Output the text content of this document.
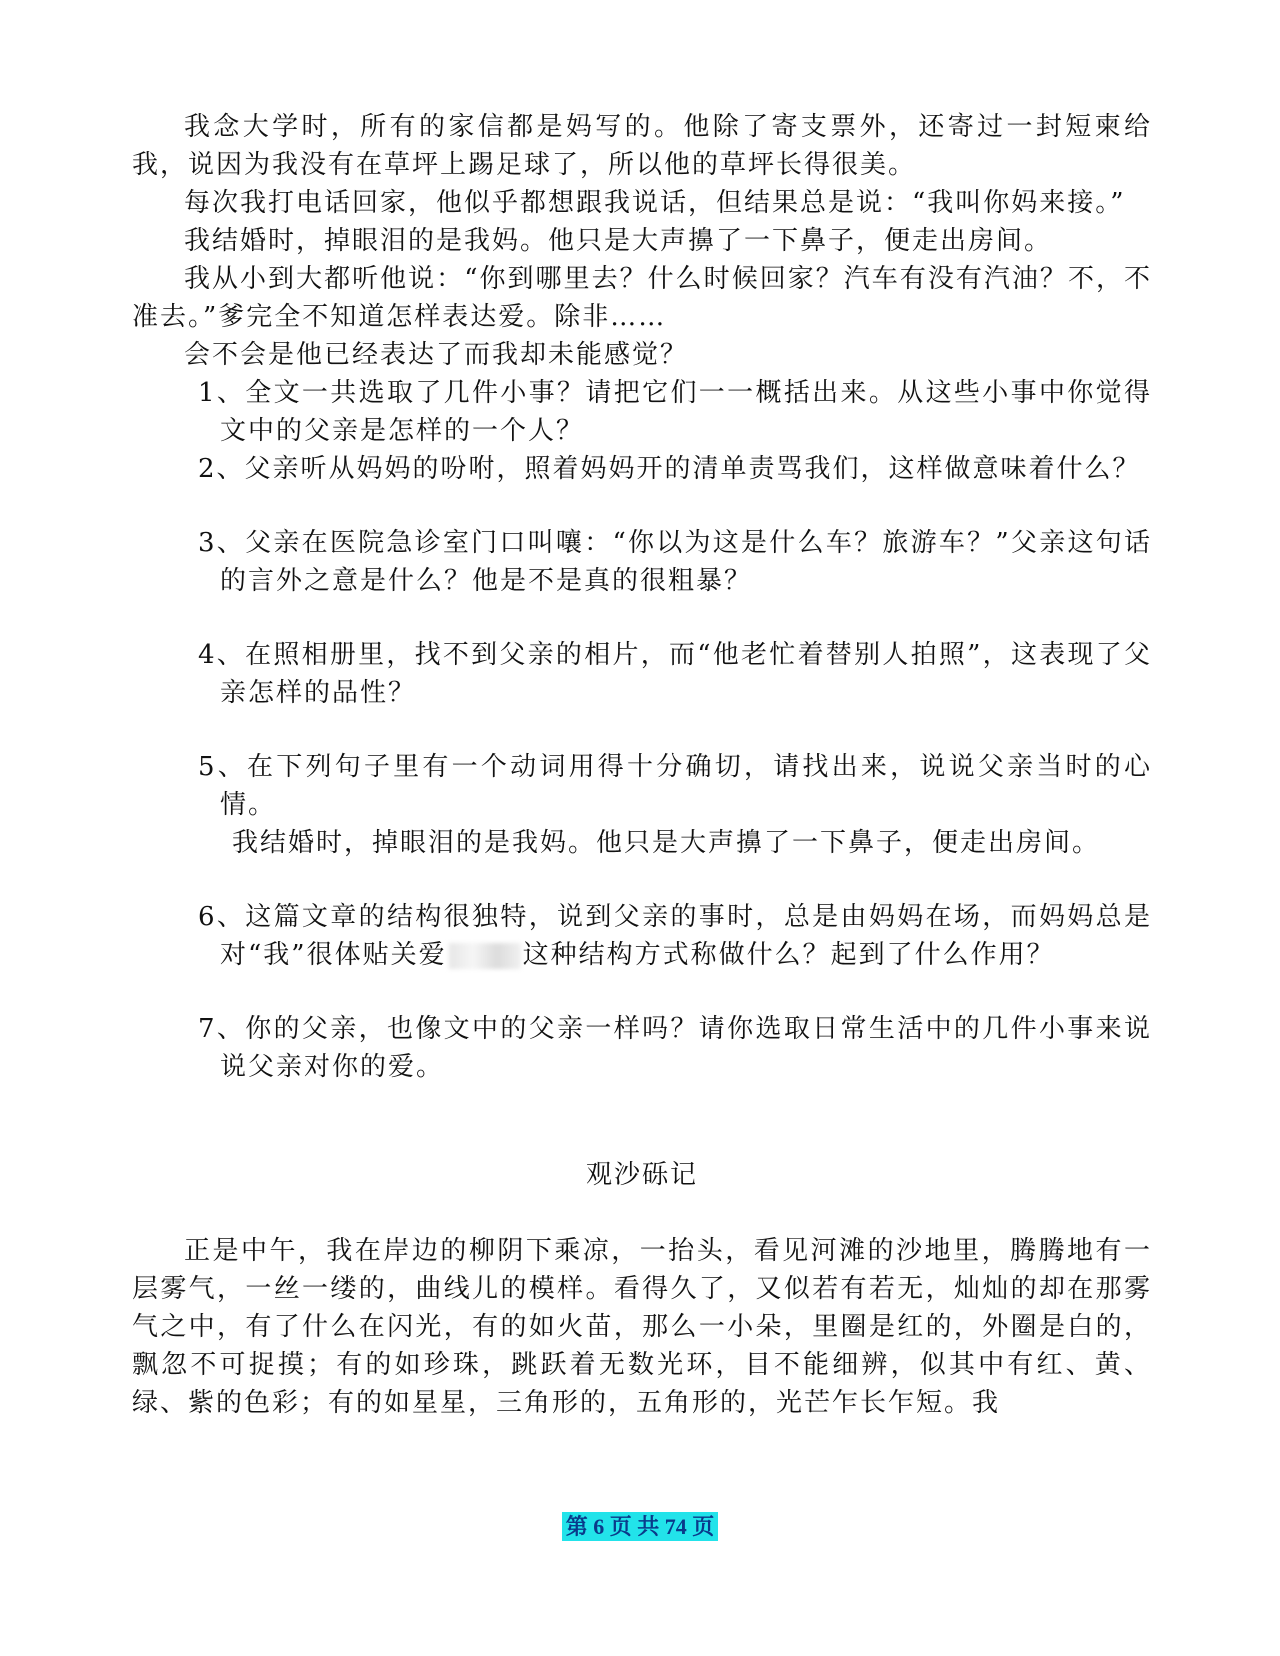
我念大学时，所有的家信都是妈写的。他除了寄支票外，还寄过一封短柬给我，说因为我没有在草坪上踢足球了，所以他的草坪长得很美。

每次我打电话回家，他似乎都想跟我说话，但结果总是说：“我叫你妈来接。”

我结婚时，掉眼泪的是我妈。他只是大声擤了一下鼻子，便走出房间。

我从小到大都听他说：“你到哪里去？什么时候回家？汽车有没有汽油？不，不准去。”爹完全不知道怎样表达爱。除非……

会不会是他已经表达了而我却未能感觉？

1、全文一共选取了几件小事？请把它们一一概括出来。从这些小事中你觉得文中的父亲是怎样的一个人？

2、父亲听从妈妈的吩咐，照着妈妈开的清单责骂我们，这样做意味着什么？

3、父亲在医院急诊室门口叫嚷：“你以为这是什么车？旅游车？”父亲这句话的言外之意是什么？他是不是真的很粗暴？

4、在照相册里，找不到父亲的相片，而“他老忙着替别人拍照”，这表现了父亲怎样的品性？

5、在下列句子里有一个动词用得十分确切，请找出来，说说父亲当时的心情。

我结婚时，掉眼泪的是我妈。他只是大声擤了一下鼻子，便走出房间。

6、这篇文章的结构很独特，说到父亲的事时，总是由妈妈在场，而妈妈总是对“我”很体贴关爱	这种结构方式称做什么？起到了什么作用？

7、你的父亲，也像文中的父亲一样吗？请你选取日常生活中的几件小事来说说父亲对你的爱。

观沙砾记

正是中午，我在岸边的柳阴下乘凉，一抬头，看见河滩的沙地里，腾腾地有一层雾气，一丝一缕的，曲线儿的模样。看得久了，又似若有若无，灿灿的却在那雾气之中，有了什么在闪光，有的如火苗，那么一小朵，里圈是红的，外圈是白的，飘忽不可捉摸；有的如珍珠，跳跃着无数光环，目不能细辨，似其中有红、黄、绿、紫的色彩；有的如星星，三角形的，五角形的，光芒乍长乍短。我

第 6 页 共 74 页
